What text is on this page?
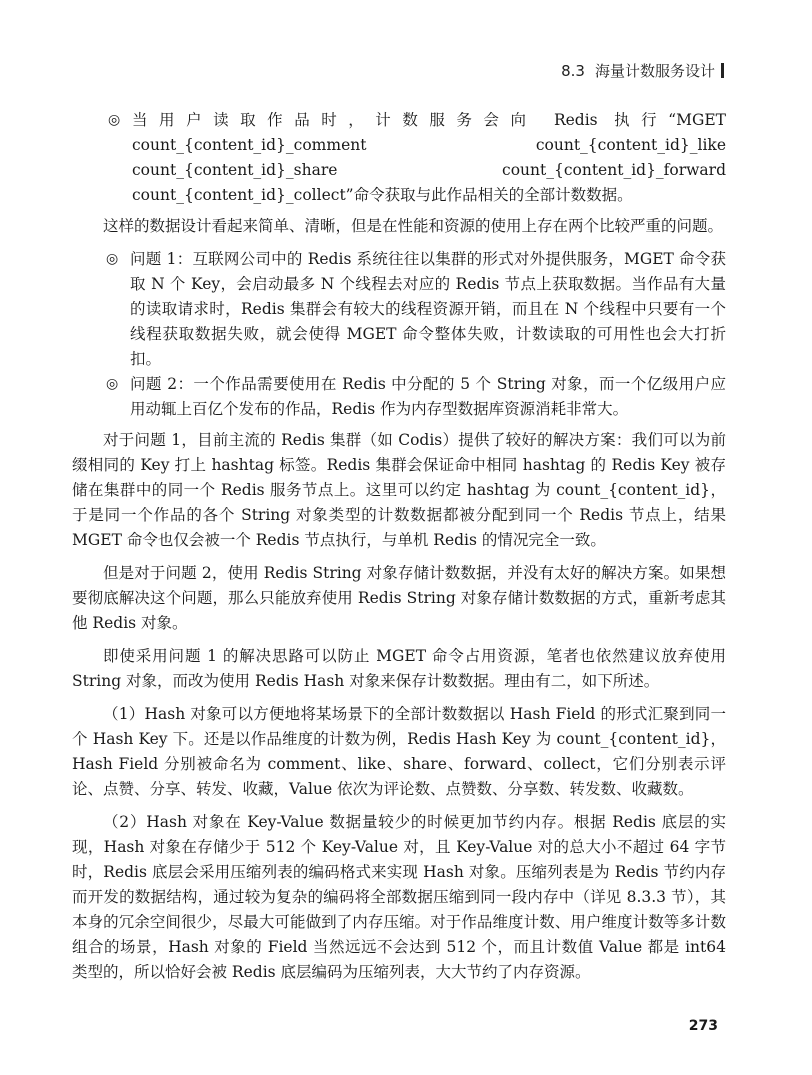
8.3 海量计数服务设计
◎ 当用户读取作品时，计数服务会向 Redis 执行“MGET count_{content_id}_comment count_{content_id}_like count_{content_id}_share count_{content_id}_forward count_{content_id}_collect”命令获取与此作品相关的全部计数数据。

这样的数据设计看起来简单、清晰，但是在性能和资源的使用上存在两个比较严重的问题。

◎ 问题 1：互联网公司中的 Redis 系统往往以集群的形式对外提供服务，MGET 命令获取 N 个 Key，会启动最多 N 个线程去对应的 Redis 节点上获取数据。当作品有大量的读取请求时，Redis 集群会有较大的线程资源开销，而且在 N 个线程中只要有一个线程获取数据失败，就会使得 MGET 命令整体失败，计数读取的可用性也会大打折扣。
◎ 问题 2：一个作品需要使用在 Redis 中分配的 5 个 String 对象，而一个亿级用户应用动辄上百亿个发布的作品，Redis 作为内存型数据库资源消耗非常大。

对于问题 1，目前主流的 Redis 集群（如 Codis）提供了较好的解决方案：我们可以为前缀相同的 Key 打上 hashtag 标签。Redis 集群会保证命中相同 hashtag 的 Redis Key 被存储在集群中的同一个 Redis 服务节点上。这里可以约定 hashtag 为 count_{content_id}，于是同一个作品的各个 String 对象类型的计数数据都被分配到同一个 Redis 节点上，结果 MGET 命令也仅会被一个 Redis 节点执行，与单机 Redis 的情况完全一致。

但是对于问题 2，使用 Redis String 对象存储计数数据，并没有太好的解决方案。如果想要彻底解决这个问题，那么只能放弃使用 Redis String 对象存储计数数据的方式，重新考虑其他 Redis 对象。

即使采用问题 1 的解决思路可以防止 MGET 命令占用资源，笔者也依然建议放弃使用 String 对象，而改为使用 Redis Hash 对象来保存计数数据。理由有二，如下所述。

（1）Hash 对象可以方便地将某场景下的全部计数数据以 Hash Field 的形式汇聚到同一个 Hash Key 下。还是以作品维度的计数为例，Redis Hash Key 为 count_{content_id}，Hash Field 分别被命名为 comment、like、share、forward、collect，它们分别表示评论、点赞、分享、转发、收藏，Value 依次为评论数、点赞数、分享数、转发数、收藏数。

（2）Hash 对象在 Key-Value 数据量较少的时候更加节约内存。根据 Redis 底层的实现，Hash 对象在存储少于 512 个 Key-Value 对，且 Key-Value 对的总大小不超过 64 字节时，Redis 底层会采用压缩列表的编码格式来实现 Hash 对象。压缩列表是为 Redis 节约内存而开发的数据结构，通过较为复杂的编码将全部数据压缩到同一段内存中（详见 8.3.3 节），其本身的冗余空间很少，尽最大可能做到了内存压缩。对于作品维度计数、用户维度计数等多计数组合的场景，Hash 对象的 Field 当然远远不会达到 512 个，而且计数值 Value 都是 int64 类型的，所以恰好会被 Redis 底层编码为压缩列表，大大节约了内存资源。

273
